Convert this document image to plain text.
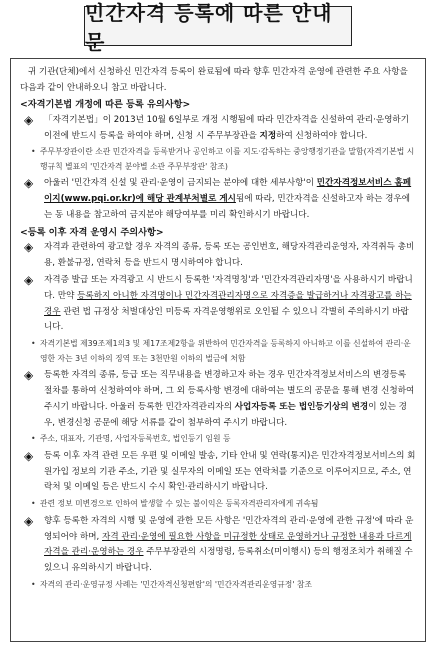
민간자격 등록에 따른 안내문

귀 기관(단체)에서 신청하신 민간자격 등록이 완료됨에 따라 향후 민간자격 운영에 관련한 주요 사항을 다음과 같이 안내하오니 참고 바랍니다.

<자격기본법 개정에 따른 등록 유의사항>

◈ 「자격기본법」이 2013년 10월 6일부로 개정 시행됨에 따라 민간자격을 신설하여 관리·운영하기 이전에 반드시 등록을 하여야 하며, 신청 시 주무부장관을 지정하여 신청하여야 합니다.
• 주무부장관이란 소관 민간자격을 등록받거나 공인하고 이를 지도·감독하는 중앙행정기관을 말함(자격기본법 시행규칙 별표의 '민간자격 분야별 소관 주무부장관' 참조)
◈ 아울러 '민간자격 신설 및 관리·운영이 금지되는 분야에 대한 세부사항'이 민간자격정보서비스 홈페이지(www.pqi.or.kr)에 해당 관계부처별로 게시됨에 따라, 민간자격을 신설하고자 하는 경우에는 동 내용을 참고하여 금지분야 해당여부를 미리 확인하시기 바랍니다.

<등록 이후 자격 운영시 주의사항>

◈ 자격과 관련하여 광고할 경우 자격의 종류, 등록 또는 공인번호, 해당자격관리운영자, 자격취득 총비용, 환불규정, 연락처 등을 반드시 명시하여야 합니다.
◈ 자격증 발급 또는 자격광고 시 반드시 등록한 '자격명칭'과 '민간자격관리자명'을 사용하시기 바랍니다. 만약 등록하지 아니한 자격명이나 민간자격관리자명으로 자격증을 발급하거나 자격광고를 하는 경우 관련 법 규정상 처벌대상인 미등록 자격운영행위로 오인될 수 있으니 각별히 주의하시기 바랍니다.
• 자격기본법 제39조제1의3 및 제17조제2항을 위반하여 민간자격을 등록하지 아니하고 이를 신설하여 관리·운영한 자는 3년 이하의 징역 또는 3천만원 이하의 벌금에 처함
◈ 등록한 자격의 종류, 등급 또는 직무내용을 변경하고자 하는 경우 민간자격정보서비스의 변경등록 절차를 통하여 신청하여야 하며, 그 외 등록사항 변경에 대하여는 별도의 공문을 통해 변경 신청하여 주시기 바랍니다. 아울러 등록한 민간자격관리자의 사업자등록 또는 법인등기상의 변경이 있는 경우, 변경신청 공문에 해당 서류를 같이 첨부하여 주시기 바랍니다.
• 주소, 대표자, 기관명, 사업자등록번호, 법인등기 임원 등
◈ 등록 이후 자격 관련 모든 우편 및 이메일 발송, 기타 안내 및 연락(통지)은 민간자격정보서비스의 회원가입 정보의 기관 주소, 기관 및 실무자의 이메일 또는 연락처를 기준으로 이루어지므로, 주소, 연락처 및 이메일 등은 반드시 수시 확인·관리하시기 바랍니다.
• 관련 정보 미변경으로 인하여 발생할 수 있는 불이익은 등록자격관리자에게 귀속됨
◈ 향후 등록한 자격의 시행 및 운영에 관한 모든 사항은 '민간자격의 관리·운영에 관한 규정'에 따라 운영되어야 하며, 자격 관리·운영에 필요한 사항을 미규정한 상태로 운영하거나 규정한 내용과 다르게 자격을 관리·운영하는 경우 주무부장관의 시정명령, 등록취소(미이행시) 등의 행정조치가 취해질 수 있으니 유의하시기 바랍니다.
• 자격의 관리·운영규정 사례는 '민간자격신청편람'의 '민간자격관리운영규정' 참조
